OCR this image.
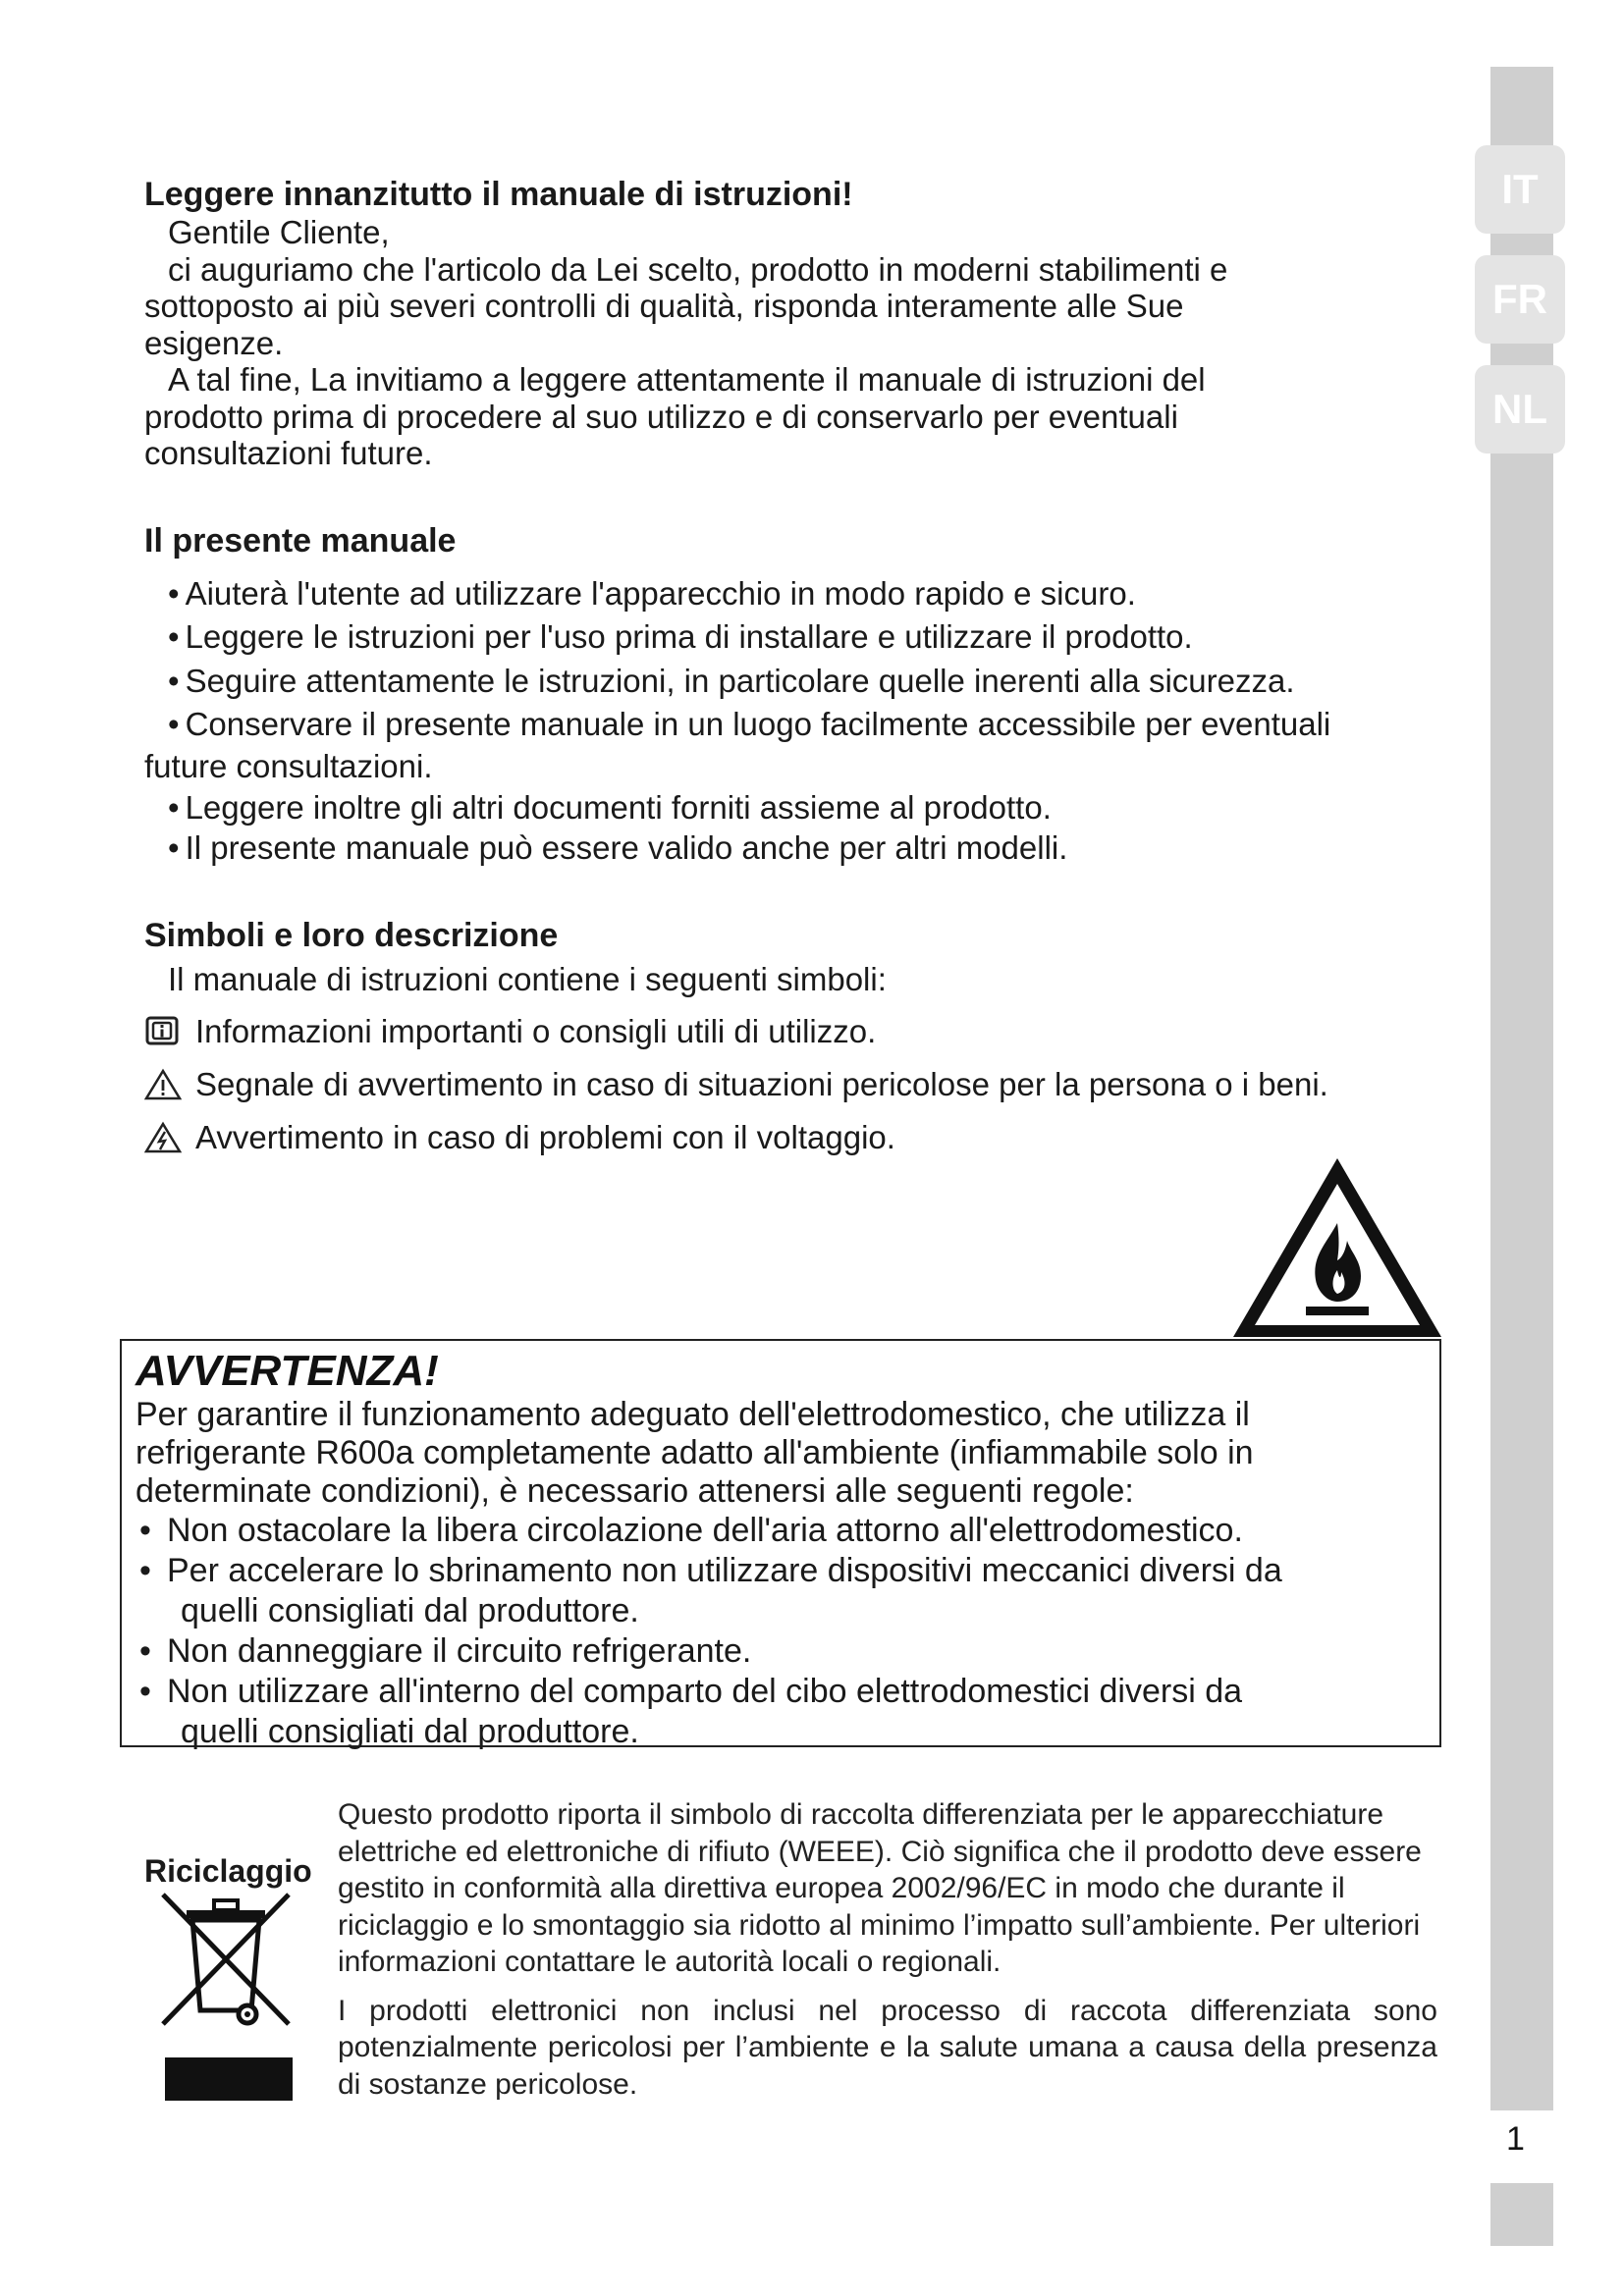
IT
FR
NL
1
Leggere innanzitutto il manuale di istruzioni!

Gentile Cliente,

ci auguriamo che l'articolo da Lei scelto, prodotto in moderni stabilimenti e

sottoposto ai più severi controlli di qualità, risponda interamente alle Sue esigenze.

A tal fine, La invitiamo a leggere attentamente il manuale di istruzioni del

prodotto prima di procedere al suo utilizzo e di conservarlo per eventuali consultazioni future.

Il presente manuale
• Aiuterà l'utente ad utilizzare l'apparecchio in modo rapido e sicuro.
• Leggere le istruzioni per l'uso prima di installare e utilizzare il prodotto.
• Seguire attentamente le istruzioni, in particolare quelle inerenti alla sicurezza.
• Conservare il presente manuale in un luogo facilmente accessibile per eventuali
future consultazioni.
• Leggere inoltre gli altri documenti forniti assieme al prodotto.
• Il presente manuale può essere valido anche per altri modelli.
Simboli e loro descrizione

Il manuale di istruzioni contiene i seguenti simboli:

Informazioni importanti o consigli utili di utilizzo.
Segnale di avvertimento in caso di situazioni pericolose per la persona o i beni.
Avvertimento in caso di problemi con il voltaggio.
AVVERTENZA!

Per garantire il funzionamento adeguato dell'elettrodomestico, che utilizza il refrigerante R600a completamente adatto all'ambiente (infiammabile solo in determinate condizioni), è necessario attenersi alle seguenti regole:

• Non ostacolare la libera circolazione dell'aria attorno all'elettrodomestico.
• Per accelerare lo sbrinamento non utilizzare dispositivi meccanici diversi da
quelli consigliati dal produttore.
• Non danneggiare il circuito refrigerante.
• Non utilizzare all'interno del comparto del cibo elettrodomestici diversi da
quelli consigliati dal produttore.
Riciclaggio

Questo prodotto riporta il simbolo di raccolta differenziata per le apparecchiature elettriche ed elettroniche di rifiuto (WEEE). Ciò significa che il prodotto deve essere gestito in conformità alla direttiva europea 2002/96/EC in modo che durante il riciclaggio e lo smontaggio sia ridotto al minimo l’impatto sull’ambiente. Per ulteriori informazioni contattare le autorità locali o regionali.

I prodotti elettronici non inclusi nel processo di raccota differenziata sono potenzialmente pericolosi per l’ambiente e la salute umana a causa della presenza di sostanze pericolose.
